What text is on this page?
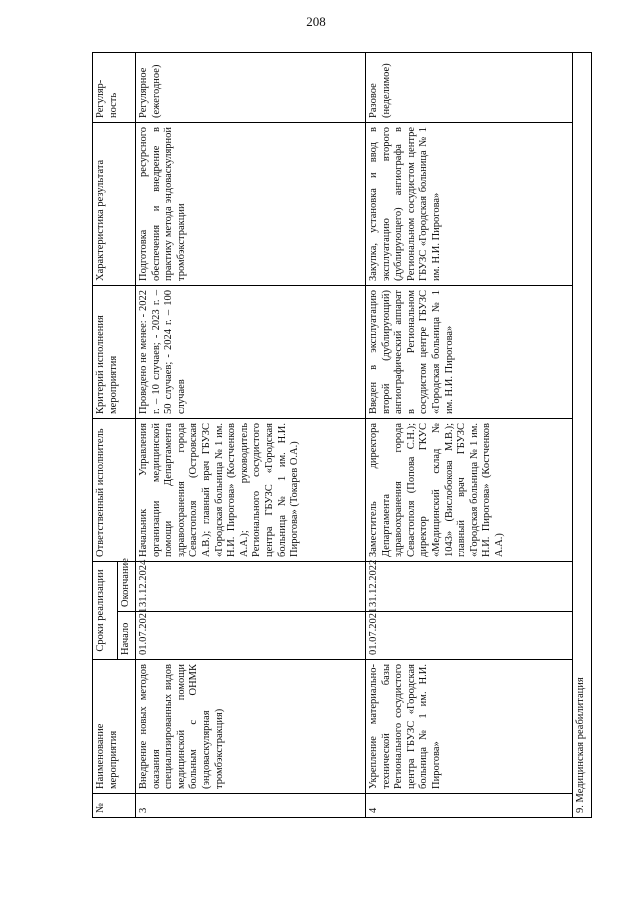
208
№	Наименование мероприятия	Сроки реализации		Ответственный исполнитель	Критерий исполнения мероприятия	Характеристика результата	Регуляр-ность
		Начало	Окончание				
3	Внедрение новых методов оказания специализированных видов медицинской помощи больным с ОНМК (эндоваскулярная тромбэкстракция)	01.07.2021	31.12.2024	Начальник Управления организации медицинской помощи Департамента здравоохранения города Севастополя (Островская А.В.); главный врач ГБУЗС «Городская больница № 1 им. Н.И. Пирогова» (Костченков А.А.); руководитель Регионального сосудистого центра ГБУЗС «Городская больница № 1 им. Н.И. Пирогова» (Токарев О.А.)	Проведено не менее: - 2022 г. – 10 случаев; - 2023 г. – 50 случаев; - 2024 г. – 100 случаев	Подготовка ресурсного обеспечения и внедрение в практику метода эндоваскулярной тромбэкстракции	Регулярное (ежегодное)
4	Укрепление материально-технической базы Регионального сосудистого центра ГБУЗС «Городская больница № 1 им. Н.И. Пирогова»	01.07.2021	31.12.2022	Заместитель директора Департамента здравоохранения города Севастополя (Попова С.Н.); директор ГКУС «Медицинский склад № 1043» (Вислобокова М.В.); главный врач ГБУЗС «Городская больница № 1 им. Н.И. Пирогова» (Костченков А.А.)	Введен в эксплуатацию второй (дублирующий) ангиографический аппарат в Региональном сосудистом центре ГБУЗС «Городская больница № 1 им. Н.И. Пирогова»	Закупка, установка и ввод в эксплуатацию второго (дублирующего) ангиографа в Региональном сосудистом центре ГБУЗС «Городская больница № 1 им. Н.И. Пирогова»	Разовое (неделимое)
9. Медицинская реабилитация							
